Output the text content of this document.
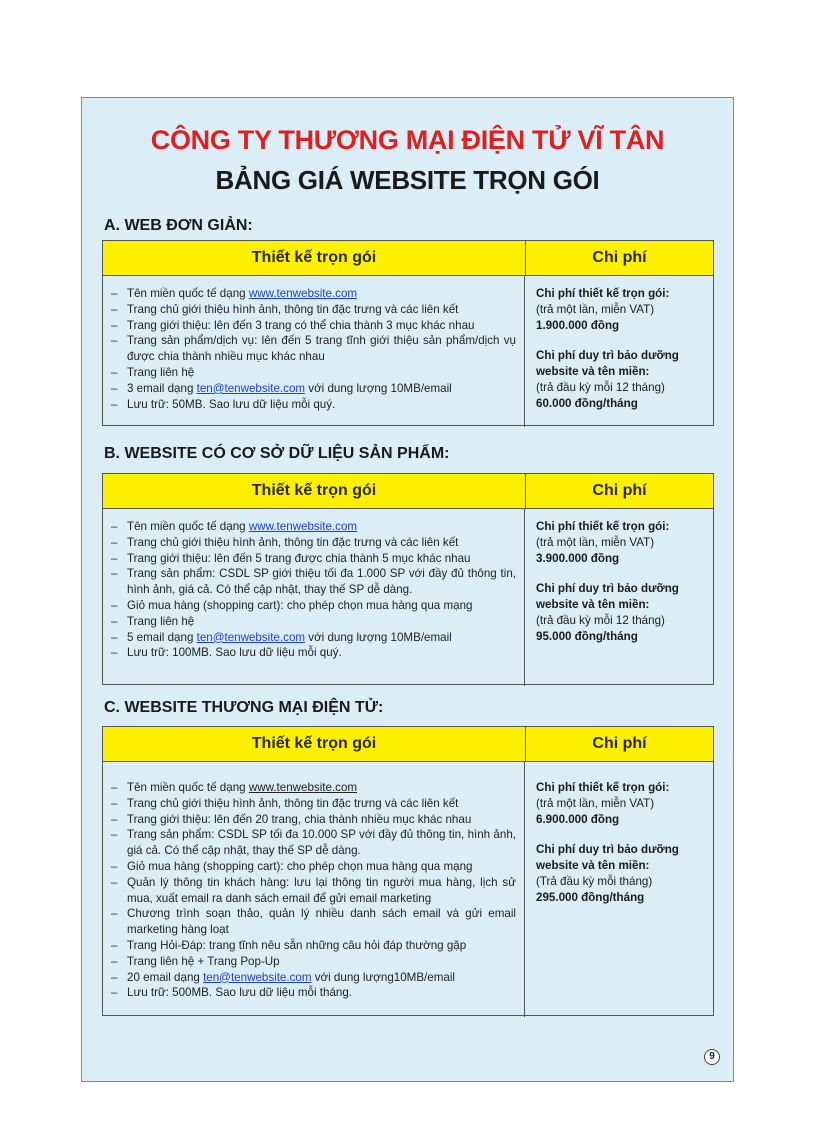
CÔNG TY THƯƠNG MẠI ĐIỆN TỬ VĨ TÂN
BẢNG GIÁ WEBSITE TRỌN GÓI
A. WEB ĐƠN GIẢN:
Thiết kế trọn gói	Chi phí
– Tên miền quốc tế dạng www.tenwebsite.com
– Trang chủ giới thiệu hình ảnh, thông tin đặc trưng và các liên kết
– Trang giới thiệu: lên đến 3 trang có thể chia thành 3 mục khác nhau
– Trang sản phẩm/dịch vụ: lên đến 5 trang tĩnh giới thiệu sản phẩm/dịch vụ được chia thành nhiều mục khác nhau
– Trang liên hệ
– 3 email dạng ten@tenwebsite.com với dung lượng 10MB/email
– Lưu trữ: 50MB. Sao lưu dữ liệu mỗi quý.
Chi phí thiết kế trọn gói:
(trả một lần, miễn VAT)
1.900.000 đồng
Chi phí duy trì bảo dưỡng website và tên miền:
(trả đầu kỳ mỗi 12 tháng)
60.000 đồng/tháng
B. WEBSITE CÓ CƠ SỞ DỮ LIỆU SẢN PHẨM:
Thiết kế trọn gói	Chi phí
– Tên miền quốc tế dạng www.tenwebsite.com
– Trang chủ giới thiệu hình ảnh, thông tin đặc trưng và các liên kết
– Trang giới thiệu: lên đến 5 trang được chia thành 5 mục khác nhau
– Trang sản phẩm: CSDL SP giới thiệu tối đa 1.000 SP với đầy đủ thông tin, hình ảnh, giá cả. Có thể cập nhật, thay thế SP dễ dàng.
– Giỏ mua hàng (shopping cart): cho phép chọn mua hàng qua mạng
– Trang liên hệ
– 5 email dạng ten@tenwebsite.com với dung lượng 10MB/email
– Lưu trữ: 100MB. Sao lưu dữ liệu mỗi quý.
Chi phí thiết kế trọn gói:
(trả một lần, miễn VAT)
3.900.000 đồng
Chi phí duy trì bảo dưỡng website và tên miền:
(trả đầu kỳ mỗi 12 tháng)
95.000 đồng/tháng
C. WEBSITE THƯƠNG MẠI ĐIỆN TỬ:
Thiết kế trọn gói	Chi phí
– Tên miền quốc tế dạng www.tenwebsite.com
– Trang chủ giới thiệu hình ảnh, thông tin đặc trưng và các liên kết
– Trang giới thiệu: lên đến 20 trang, chia thành nhiều mục khác nhau
– Trang sản phẩm: CSDL SP tối đa 10.000 SP với đầy đủ thông tin, hình ảnh, giá cả. Có thể cập nhật, thay thế SP dễ dàng.
– Giỏ mua hàng (shopping cart): cho phép chọn mua hàng qua mạng
– Quản lý thông tin khách hàng: lưu lại thông tin người mua hàng, lịch sử mua, xuất email ra danh sách email để gửi email marketing
– Chương trình soạn thảo, quản lý nhiều danh sách email và gửi email marketing hàng loạt
– Trang Hỏi-Đáp: trang tĩnh nêu sẵn những câu hỏi đáp thường gặp
– Trang liên hệ + Trang Pop-Up
– 20 email dạng ten@tenwebsite.com với dung lượng10MB/email
– Lưu trữ: 500MB. Sao lưu dữ liệu mỗi tháng.
Chi phí thiết kế trọn gói:
(trả một lần, miễn VAT)
6.900.000 đồng
Chi phí duy trì bảo dưỡng website và tên miền:
(Trả đầu kỳ mỗi tháng)
295.000 đồng/tháng
9
